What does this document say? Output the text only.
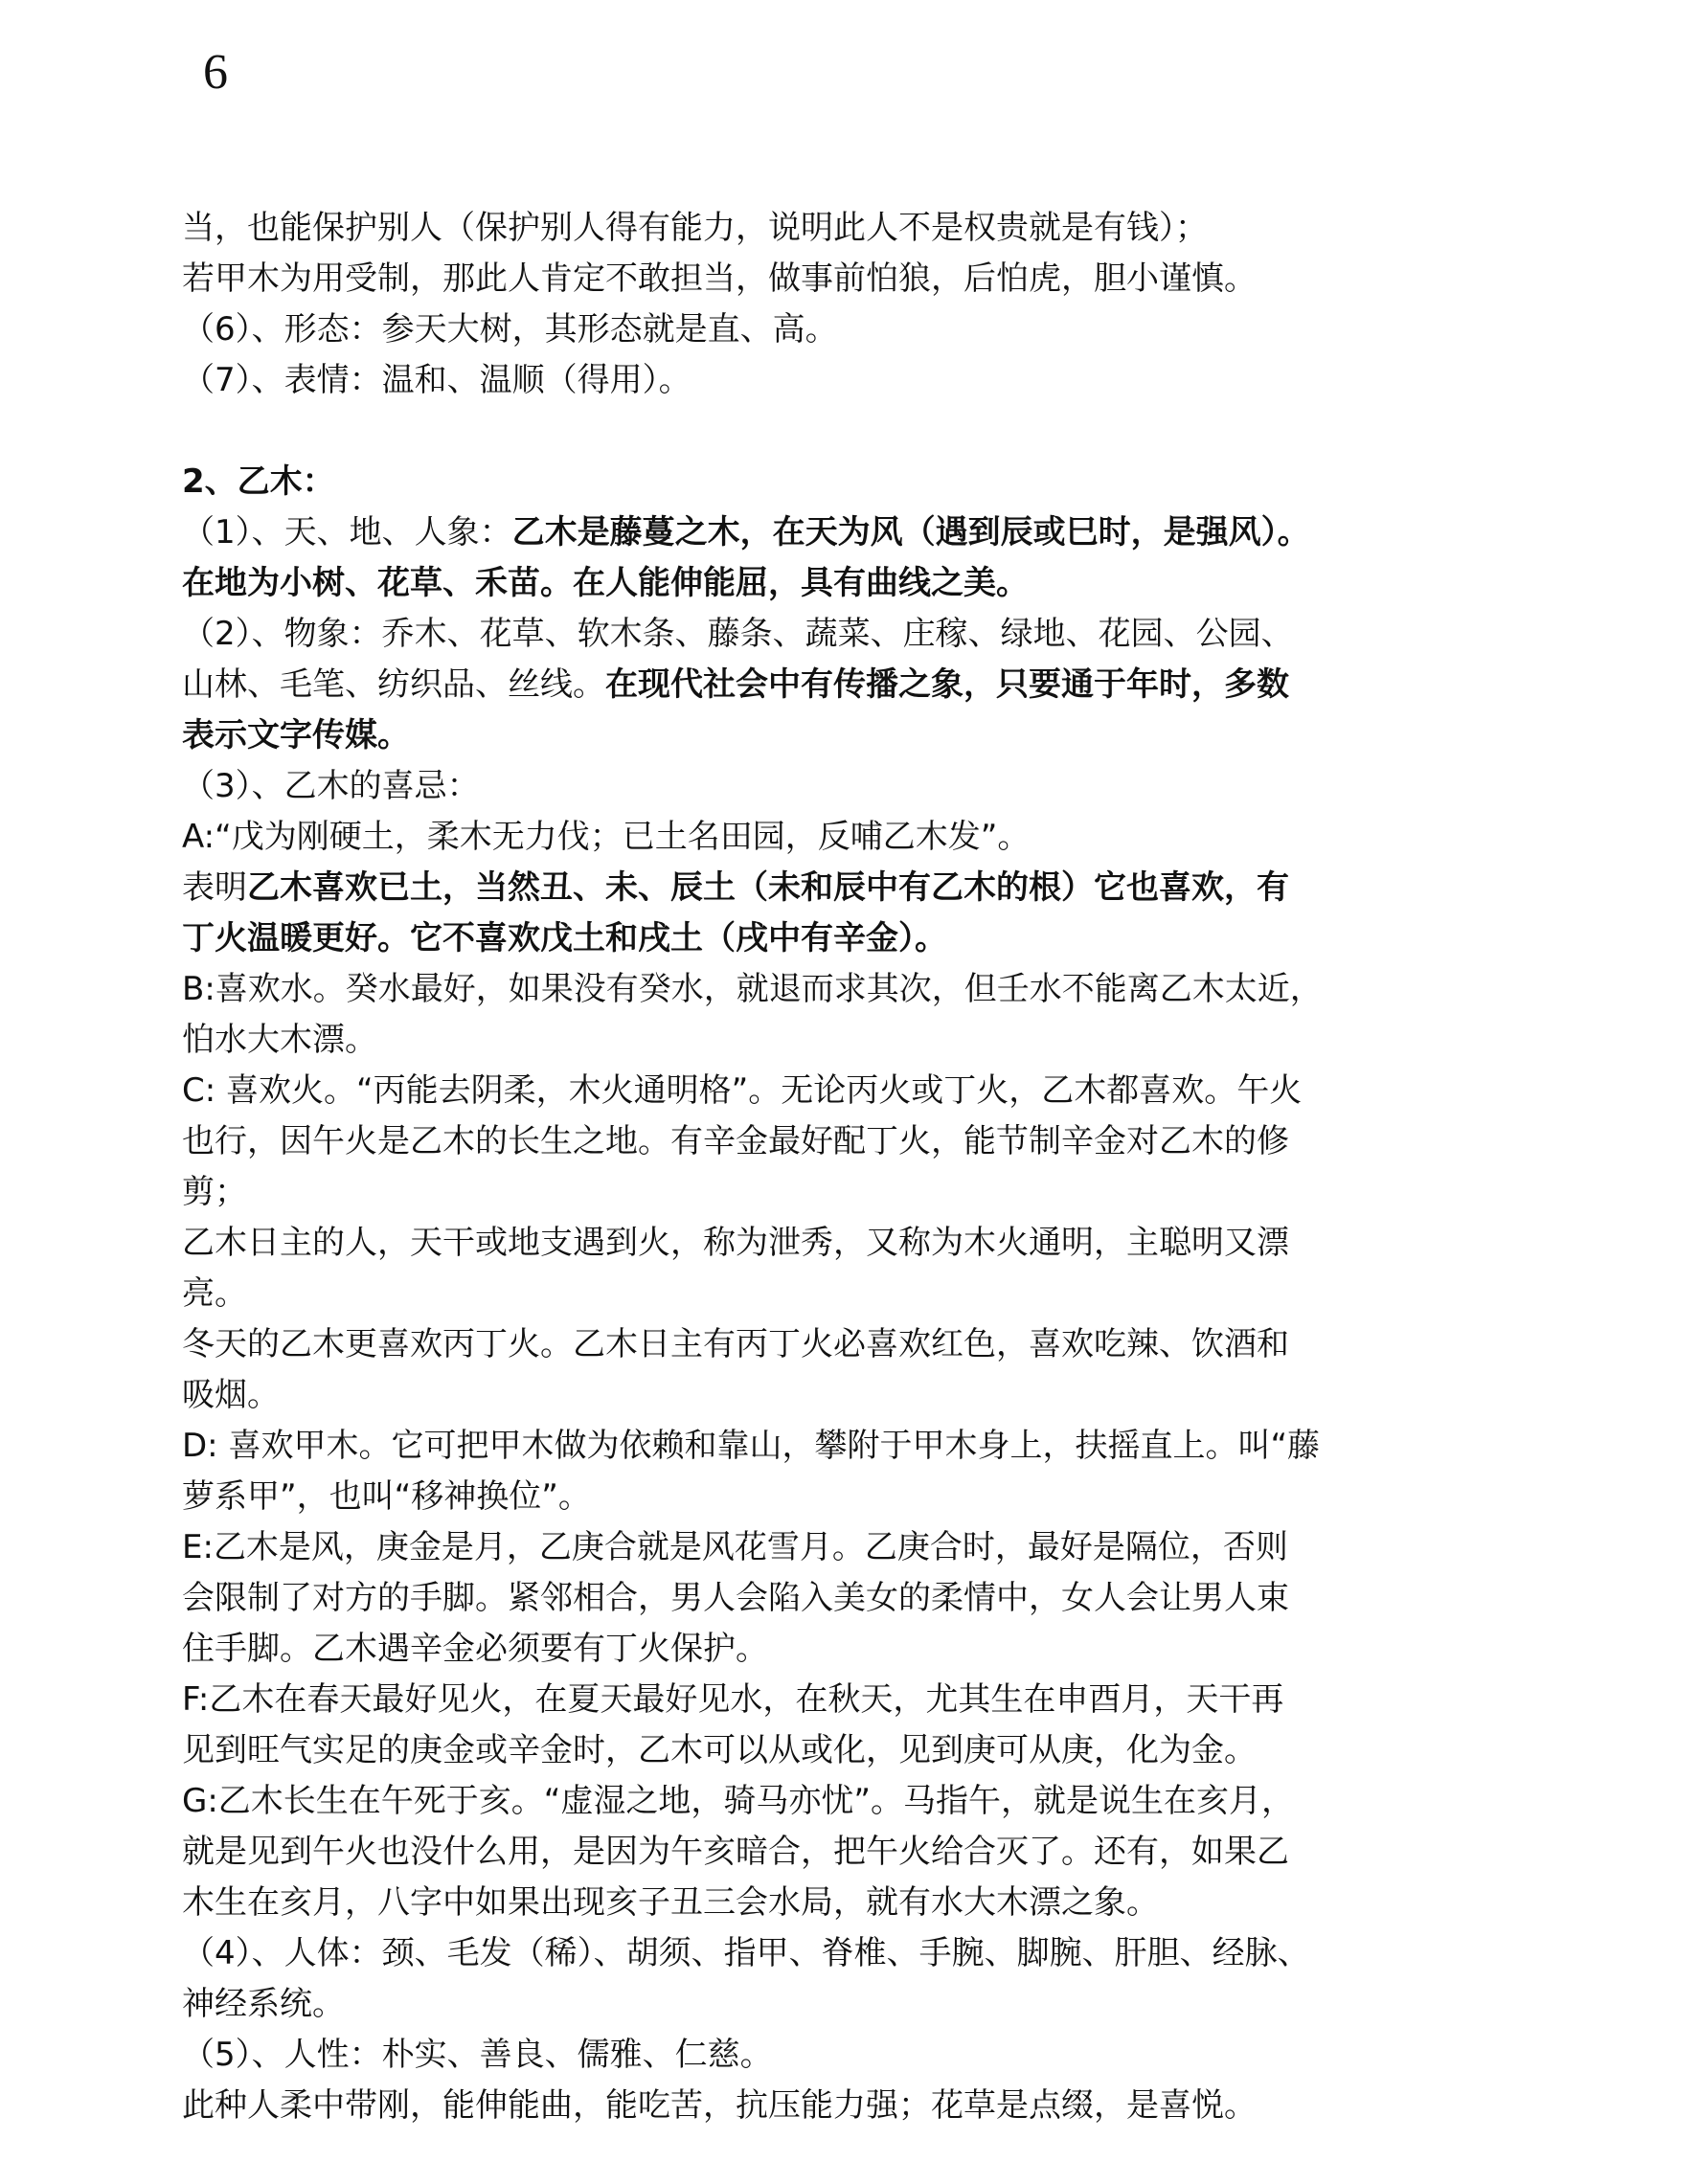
6
当，也能保护别人（保护别人得有能力，说明此人不是权贵就是有钱）；
若甲木为用受制，那此人肯定不敢担当，做事前怕狼，后怕虎，胆小谨慎。
（6）、形态：参天大树，其形态就是直、高。
（7）、表情：温和、温顺（得用）。
2、乙木：
（1）、天、地、人象：乙木是藤蔓之木，在天为风（遇到辰或巳时，是强风）。
在地为小树、花草、禾苗。在人能伸能屈，具有曲线之美。
（2）、物象：乔木、花草、软木条、藤条、蔬菜、庄稼、绿地、花园、公园、
山林、毛笔、纺织品、丝线。在现代社会中有传播之象，只要通于年时，多数
表示文字传媒。
（3）、乙木的喜忌：
A:“戊为刚硬土，柔木无力伐；已土名田园，反哺乙木发”。
表明乙木喜欢已土，当然丑、未、辰土（未和辰中有乙木的根）它也喜欢，有
丁火温暖更好。它不喜欢戊土和戌土（戌中有辛金）。
B:喜欢水。癸水最好，如果没有癸水，就退而求其次，但壬水不能离乙木太近，
怕水大木漂。
C: 喜欢火。“丙能去阴柔，木火通明格”。无论丙火或丁火，乙木都喜欢。午火
也行，因午火是乙木的长生之地。有辛金最好配丁火，能节制辛金对乙木的修
剪；
乙木日主的人，天干或地支遇到火，称为泄秀，又称为木火通明，主聪明又漂
亮。
冬天的乙木更喜欢丙丁火。乙木日主有丙丁火必喜欢红色，喜欢吃辣、饮酒和
吸烟。
D: 喜欢甲木。它可把甲木做为依赖和靠山，攀附于甲木身上，扶摇直上。叫“藤
萝系甲”，也叫“移神换位”。
E:乙木是风，庚金是月，乙庚合就是风花雪月。乙庚合时，最好是隔位，否则
会限制了对方的手脚。紧邻相合，男人会陷入美女的柔情中，女人会让男人束
住手脚。乙木遇辛金必须要有丁火保护。
F:乙木在春天最好见火，在夏天最好见水，在秋天，尤其生在申酉月，天干再
见到旺气实足的庚金或辛金时，乙木可以从或化，见到庚可从庚，化为金。
G:乙木长生在午死于亥。“虚湿之地，骑马亦忧”。马指午，就是说生在亥月，
就是见到午火也没什么用，是因为午亥暗合，把午火给合灭了。还有，如果乙
木生在亥月，八字中如果出现亥子丑三会水局，就有水大木漂之象。
（4）、人体：颈、毛发（稀）、胡须、指甲、脊椎、手腕、脚腕、肝胆、经脉、
神经系统。
（5）、人性：朴实、善良、儒雅、仁慈。
此种人柔中带刚，能伸能曲，能吃苦，抗压能力强；花草是点缀，是喜悦。
